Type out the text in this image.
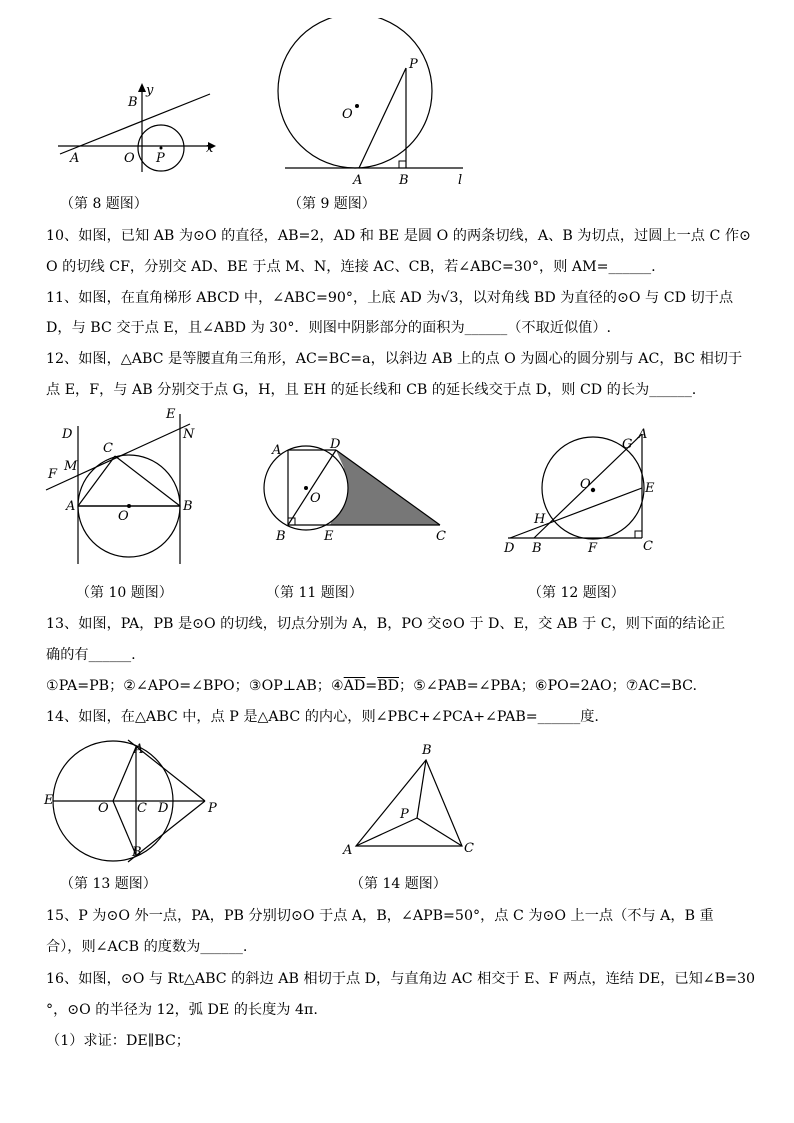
B
y
A	O P
x
（第 8 题图）
P
O
A	B	l
（第 9 题图）
10、如图，已知 AB 为⊙O 的直径，AB=2，AD 和 BE 是圆 O 的两条切线，A、B 为切点，过圆上一点 C 作⊙
O 的切线 CF，分别交 AD、BE 于点 M、N，连接 AC、CB，若∠ABC=30°，则 AM=______.
11、如图，在直角梯形 ABCD 中，∠ABC=90°，上底 AD 为√3，以对角线 BD 为直径的⊙O 与 CD 切于点
D，与 BC 交于点 E，且∠ABD 为 30°．则图中阴影部分的面积为______（不取近似值）.
12、如图，△ABC 是等腰直角三角形，AC=BC=a，以斜边 AB 上的点 O 为圆心的圆分别与 AC，BC 相切于
点 E，F，与 AB 分别交于点 G，H，且 EH 的延长线和 CB 的延长线交于点 D，则 CD 的长为______.
D
E
N
C
F
M
A
O
B
（第 10 题图）
A	D
O
B	E	C
（第 11 题图）
G
A
O	E
H
D B	F	C
（第 12 题图）
13、如图，PA，PB 是⊙O 的切线，切点分别为 A，B，PO 交⊙O 于 D、E，交 AB 于 C，则下面的结论正
确的有______.
①PA=PB；②∠APO=∠BPO；③OP⊥AB；$④\overline{AD}=\overline{BD}$；⑤∠PAB=∠PBA；⑥PO=2AO；⑦AC=BC.
14、如图，在△ABC 中，点 P 是△ABC 的内心，则∠PBC+∠PCA+∠PAB=______度.
A
E
O C D	P
B
（第 13 题图）
B
P
A	C
（第 14 题图）
15、P 为⊙O 外一点，PA，PB 分别切⊙O 于点 A，B，∠APB=50°，点 C 为⊙O 上一点（不与 A，B 重
合），则∠ACB 的度数为______.
16、如图，⊙O 与 Rt△ABC 的斜边 AB 相切于点 D，与直角边 AC 相交于 E、F 两点，连结 DE，已知∠B=30
°，⊙O 的半径为 12，弧 DE 的长度为 4π.
（1）求证：DE∥BC；
